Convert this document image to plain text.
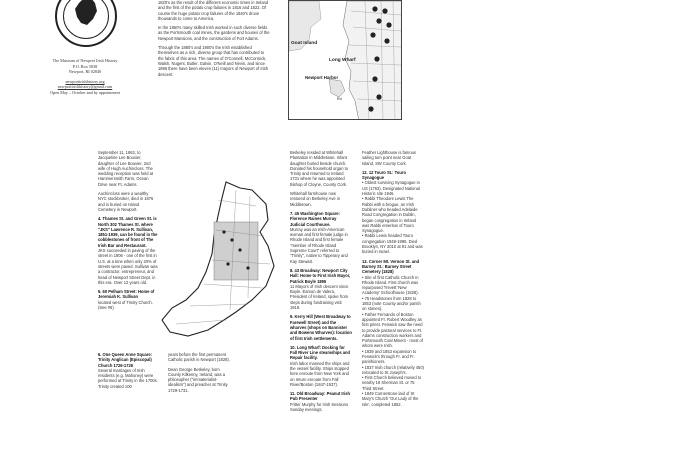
The Museum of Newport Irish History
P.O. Box 5038
Newport, RI 02840
newportirishhistory.org
newportirishhistory@gmail.com
Open May – October and by appointment

1820's as the result of the different economic times in Ireland and the first of the potato crop failures in 1816 and 1822. Of course the huge potato crop failures of the 1840's drove thousands to come to America.

In the 1850's many skilled Irish worked in such diverse fields as the Portsmouth coal mines, the gardens and houses of the Newport Mansions, and the construction of Fort Adams.

Through the 1880's and 1900's the Irish established themselves as a rich, diverse group that has contributed to the fabric of this area. The names of O'Connell, McCormick, Walsh, Nugent, Butler, Galvin, O'Neill and Nevin, and since 1896 there have been eleven (11) mayors of Newport of Irish descent.

Goat Island
Long Wharf
Newport Harbor
Rd

September 11, 1863, to Jacqueline Lee Bouvier, daughter of Lee Bouvier, 2nd wife of Hugh Auchincloss. The wedding reception was held at Hammersmith Farm, Ocean Drive near Ft. Adams.

Auchincloss were a wealthy NYC stockbroker, died in 1876 and is buried on Island Cemetery in Newport.

4. Thames St. and Green St. is North 302 Thames St. where "JKS" Lawrence R. Sullivan, 1851-1939, can be found in the cobblestones of front of The Irish Bar and Restaurant.
JKS succeeded in paving of the street in 1906 - one of the first in U.S. at a time when only 20% of streets were paved. Sullivan was a contractor, entrepreneur, and head of Newport Street Dept. in this era. Over 12 years old.
5. 60 Pelham Street: Home of Jeremiah K. Sullivan
located west of Trinity Church. (See #6)
6. One Queen Anne Square: Trinity Anglican (Episcopal) Church 1726-1726
Several marriages of Irish residents (e.g. Mahoney) were performed at Trinity in the 1700s. Trinity created 100

years before the first permanent Catholic parish in Newport (1828).

Dean George Berkeley, born County Kilkenny, Ireland, was a philosopher ("immaterialist-idealism") and preacher at Trinity 1729-1731.

Berkeley resided at Whitehall Plantation in Middletown. Infant daughter buried beside church. Donated his household organ to Trinity and returned to Ireland 1731 where he was appointed Bishop of Cloyne, County Cork.

Whitehall farmhouse now restored on Berkeley Ave in Middletown.

7. 45 Washington Square: Florence Raines Murray Judicial Courthouse.
Murray was an Irish-American woman and first female judge in Rhode Island and first female "member of Rhode Island Supreme Court" referred to "Trinity", native to Tipperary and Kay Stewart.
8. 43 Broadway: Newport City Hall: Home to First Irish Mayor, Patrick Boyle 1895
11 Mayors of Irish descent since Boyle. Eamon de Valera, President of Ireland, spoke from steps during fundraising visit 1919.
9. Kerry Hill (West Broadway to Farewell Street) and the wharves (shops on Bannister and Bowens Wharves): location of first Irish settlements.
10. Long Wharf: Docking for Fall River Line steamships and Repair facility.
Irish labor manned the ships and the vessel facility. Ships stopped here enroute from New York and on return enroute from Fall River/Boston (1847-1937).
11. Old Broadway: Peanut Irish Pub Presenter
Fritter Murphy for Irish Sessions Sunday evenings.

Feather Lighthouse is famous sailing turn point near Goat Island, SW County Cork.

12. 12 Touro St.: Touro Synagogue
• Oldest surviving Synagogue in US (1763). Designated National Historic site 1946.
• Rabbi Theodore Lewis The Rabbi with a brogue, an Irish Dubliner who headed Adelaide Road Congregation in Dublin, began congregation in Ireland was Rabbi emeritus of Touro Synagogue.
• Rabbi Lewis headed Touro congregation 1949-1985. Died Brooklyn, NY 2010 at 91 and was buried in Israel.
13. Corner Mt. Vernon St. and Barney St.: Barney Street Cemetery (1828)
• Site of first Catholic Church in Rhode Island. First church was repurposed Trevett 'New Academy' Schoolhouse (1828).
• 75 Headstones from 1828 to 1853 (note County and/or parish on stones).
• Father Fernando of Boston appointed Fr. Robert Woodley as first priest. Fenwick saw the need to provide pastoral services to Ft. Adams construction workers and Portsmouth Coal Miners - most of whom were Irish.
• 1839 and 1853 expansion to Fenwick's through Fr. and Fr. parishioners.
• 1837 Irish church (relatively 450) relocated to St Joseph's.
• First Church believed moved to nearby 19 Sherman St. or 75 Third Street.
• 1849 Cornerstone laid of St Mary's Church 'Our Lady of the Isle', completed 1852.
